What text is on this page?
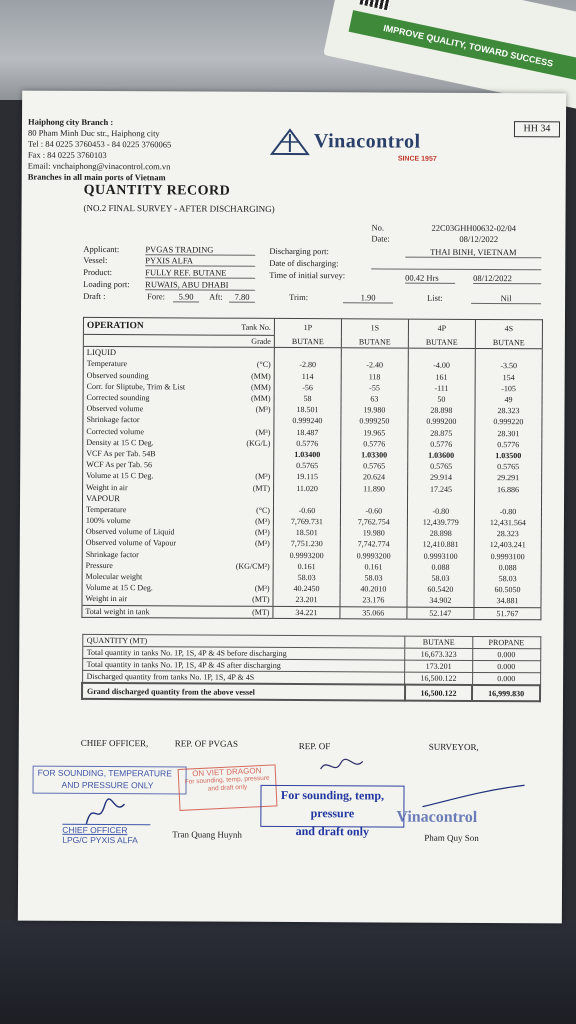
IMPROVE QUALITY, TOWARD SUCCESS
Haiphong city Branch :
80 Pham Minh Duc str., Haiphong city
Tel : 84 0225 3760453 - 84 0225 3760065
Fax : 84 0225 3760103
Email: vnchaiphong@vinacontrol.com.vn
Branches in all main ports of Vietnam
HH 34
Vinacontrol
SINCE 1957
QUANTITY RECORD
(NO.2 FINAL SURVEY - AFTER DISCHARGING)
No.	22C03GHH00632-02/04
Date:	08/12/2022
Applicant:	PVGAS TRADING
Vessel:	PYXIS ALFA
Product:	FULLY REF. BUTANE
Loading port: RUWAIS, ABU DHABI
Draft :	Fore:	5.90	Aft:	7.80	Trim:	1.90	List:	Nil
Discharging port:	THAI BINH, VIETNAM
Date of discharging:

Time of initial survey:	00.42 Hrs	08/12/2022
OPERATION	Tank No.	1P	1S	4P	4S
	Grade	BUTANE	BUTANE	BUTANE	BUTANE
LIQUID					
Temperature	(°C)	-2.80	-2.40	-4.00	-3.50
Observed sounding	(MM)	114	118	161	154
Corr. for Sliptube, Trim & List	(MM)	-56	-55	-111	-105
Corrected sounding	(MM)	58	63	50	49
Observed volume	(M³)	18.501	19.980	28.898	28.323
Shrinkage factor		0.999240	0.999250	0.999200	0.999220
Corrected volume	(M³)	18.487	19.965	28.875	28.301
Density at 15 C Deg.	(KG/L)	0.5776	0.5776	0.5776	0.5776
VCF As per Tab. 54B		1.03400	1.03300	1.03600	1.03500
WCF As per Tab. 56		0.5765	0.5765	0.5765	0.5765
Volume at 15 C Deg.	(M³)	19.115	20.624	29.914	29.291
Weight in air	(MT)	11.020	11.890	17.245	16.886
VAPOUR					
Temperature	(°C)	-0.60	-0.60	-0.80	-0.80
100% volume	(M³)	7,769.731	7,762.754	12,439.779	12,431.564
Observed volume of Liquid	(M³)	18.501	19.980	28.898	28.323
Observed volume of Vapour	(M³)	7,751.230	7,742.774	12,410.881	12,403.241
Shrinkage factor		0.9993200	0.9993200	0.9993100	0.9993100
Pressure	(KG/CM²)	0.161	0.161	0.088	0.088
Molecular weight		58.03	58.03	58.03	58.03
Volume at 15 C Deg.	(M³)	40.2450	40.2010	60.5420	60.5050
Weight in air	(MT)	23.201	23.176	34.902	34.881
Total weight in tank	(MT)	34.221	35.066	52.147	51.767
QUANTITY (MT)	BUTANE	PROPANE
Total quantity in tanks No. 1P, 1S, 4P & 4S before discharging	16,673.323	0.000
Total quantity in tanks No. 1P, 1S, 4P & 4S after discharging	173.201	0.000
Discharged quantity from tanks No. 1P, 1S, 4P & 4S	16,500.122	0.000
Grand discharged quantity from the above vessel	16,500.122	16,999.830
CHIEF OFFICER,	REP. OF PVGAS	REP. OF	SURVEYOR,
FOR SOUNDING, TEMPERATURE
AND PRESSURE ONLY
CHIEF OFFICER
LPG/C PYXIS ALFA
ON VIET DRAGON
For sounding, temp, pressure and draft only	For sounding, temp, pressure
and draft only
Vinacontrol
Tran Quang Huynh	Pham Quy Son
